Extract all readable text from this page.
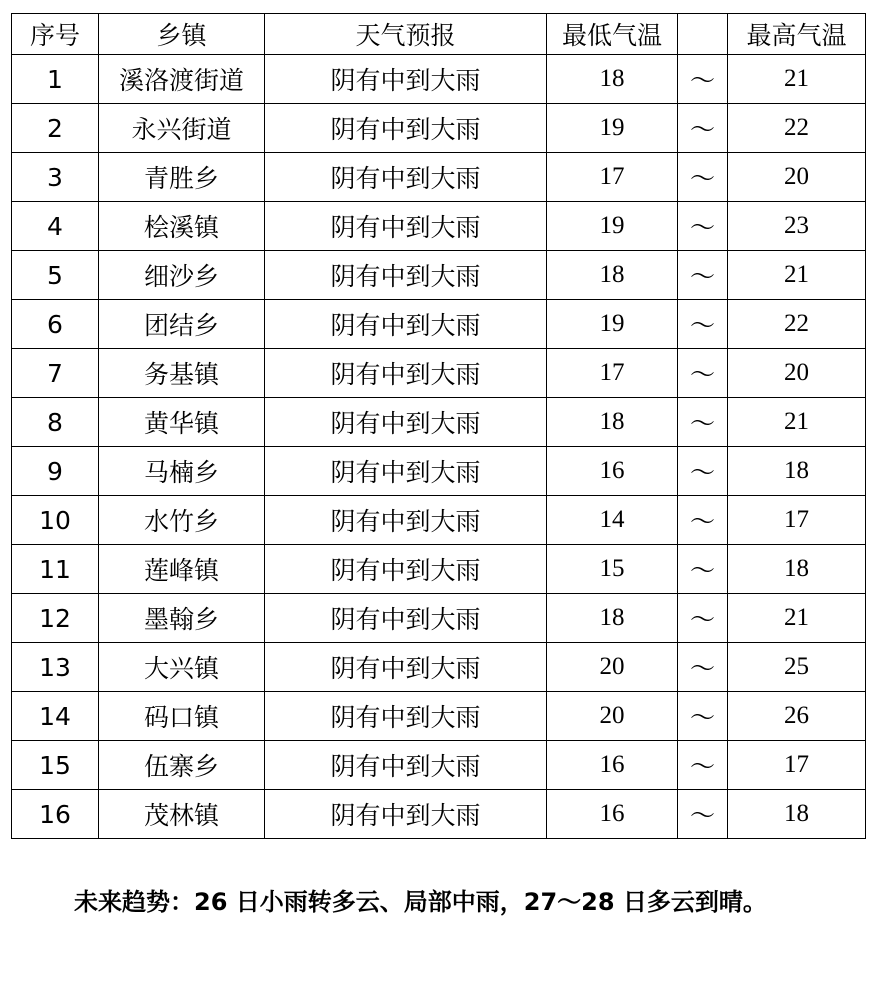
序号	乡镇	天气预报	最低气温		最高气温
1	溪洛渡街道	阴有中到大雨	18	～	21
2	永兴街道	阴有中到大雨	19	～	22
3	青胜乡	阴有中到大雨	17	～	20
4	桧溪镇	阴有中到大雨	19	～	23
5	细沙乡	阴有中到大雨	18	～	21
6	团结乡	阴有中到大雨	19	～	22
7	务基镇	阴有中到大雨	17	～	20
8	黄华镇	阴有中到大雨	18	～	21
9	马楠乡	阴有中到大雨	16	～	18
10	水竹乡	阴有中到大雨	14	～	17
11	莲峰镇	阴有中到大雨	15	～	18
12	墨翰乡	阴有中到大雨	18	～	21
13	大兴镇	阴有中到大雨	20	～	25
14	码口镇	阴有中到大雨	20	～	26
15	伍寨乡	阴有中到大雨	16	～	17
16	茂林镇	阴有中到大雨	16	～	18

未来趋势：26 日小雨转多云、局部中雨，27～28 日多云到晴。
